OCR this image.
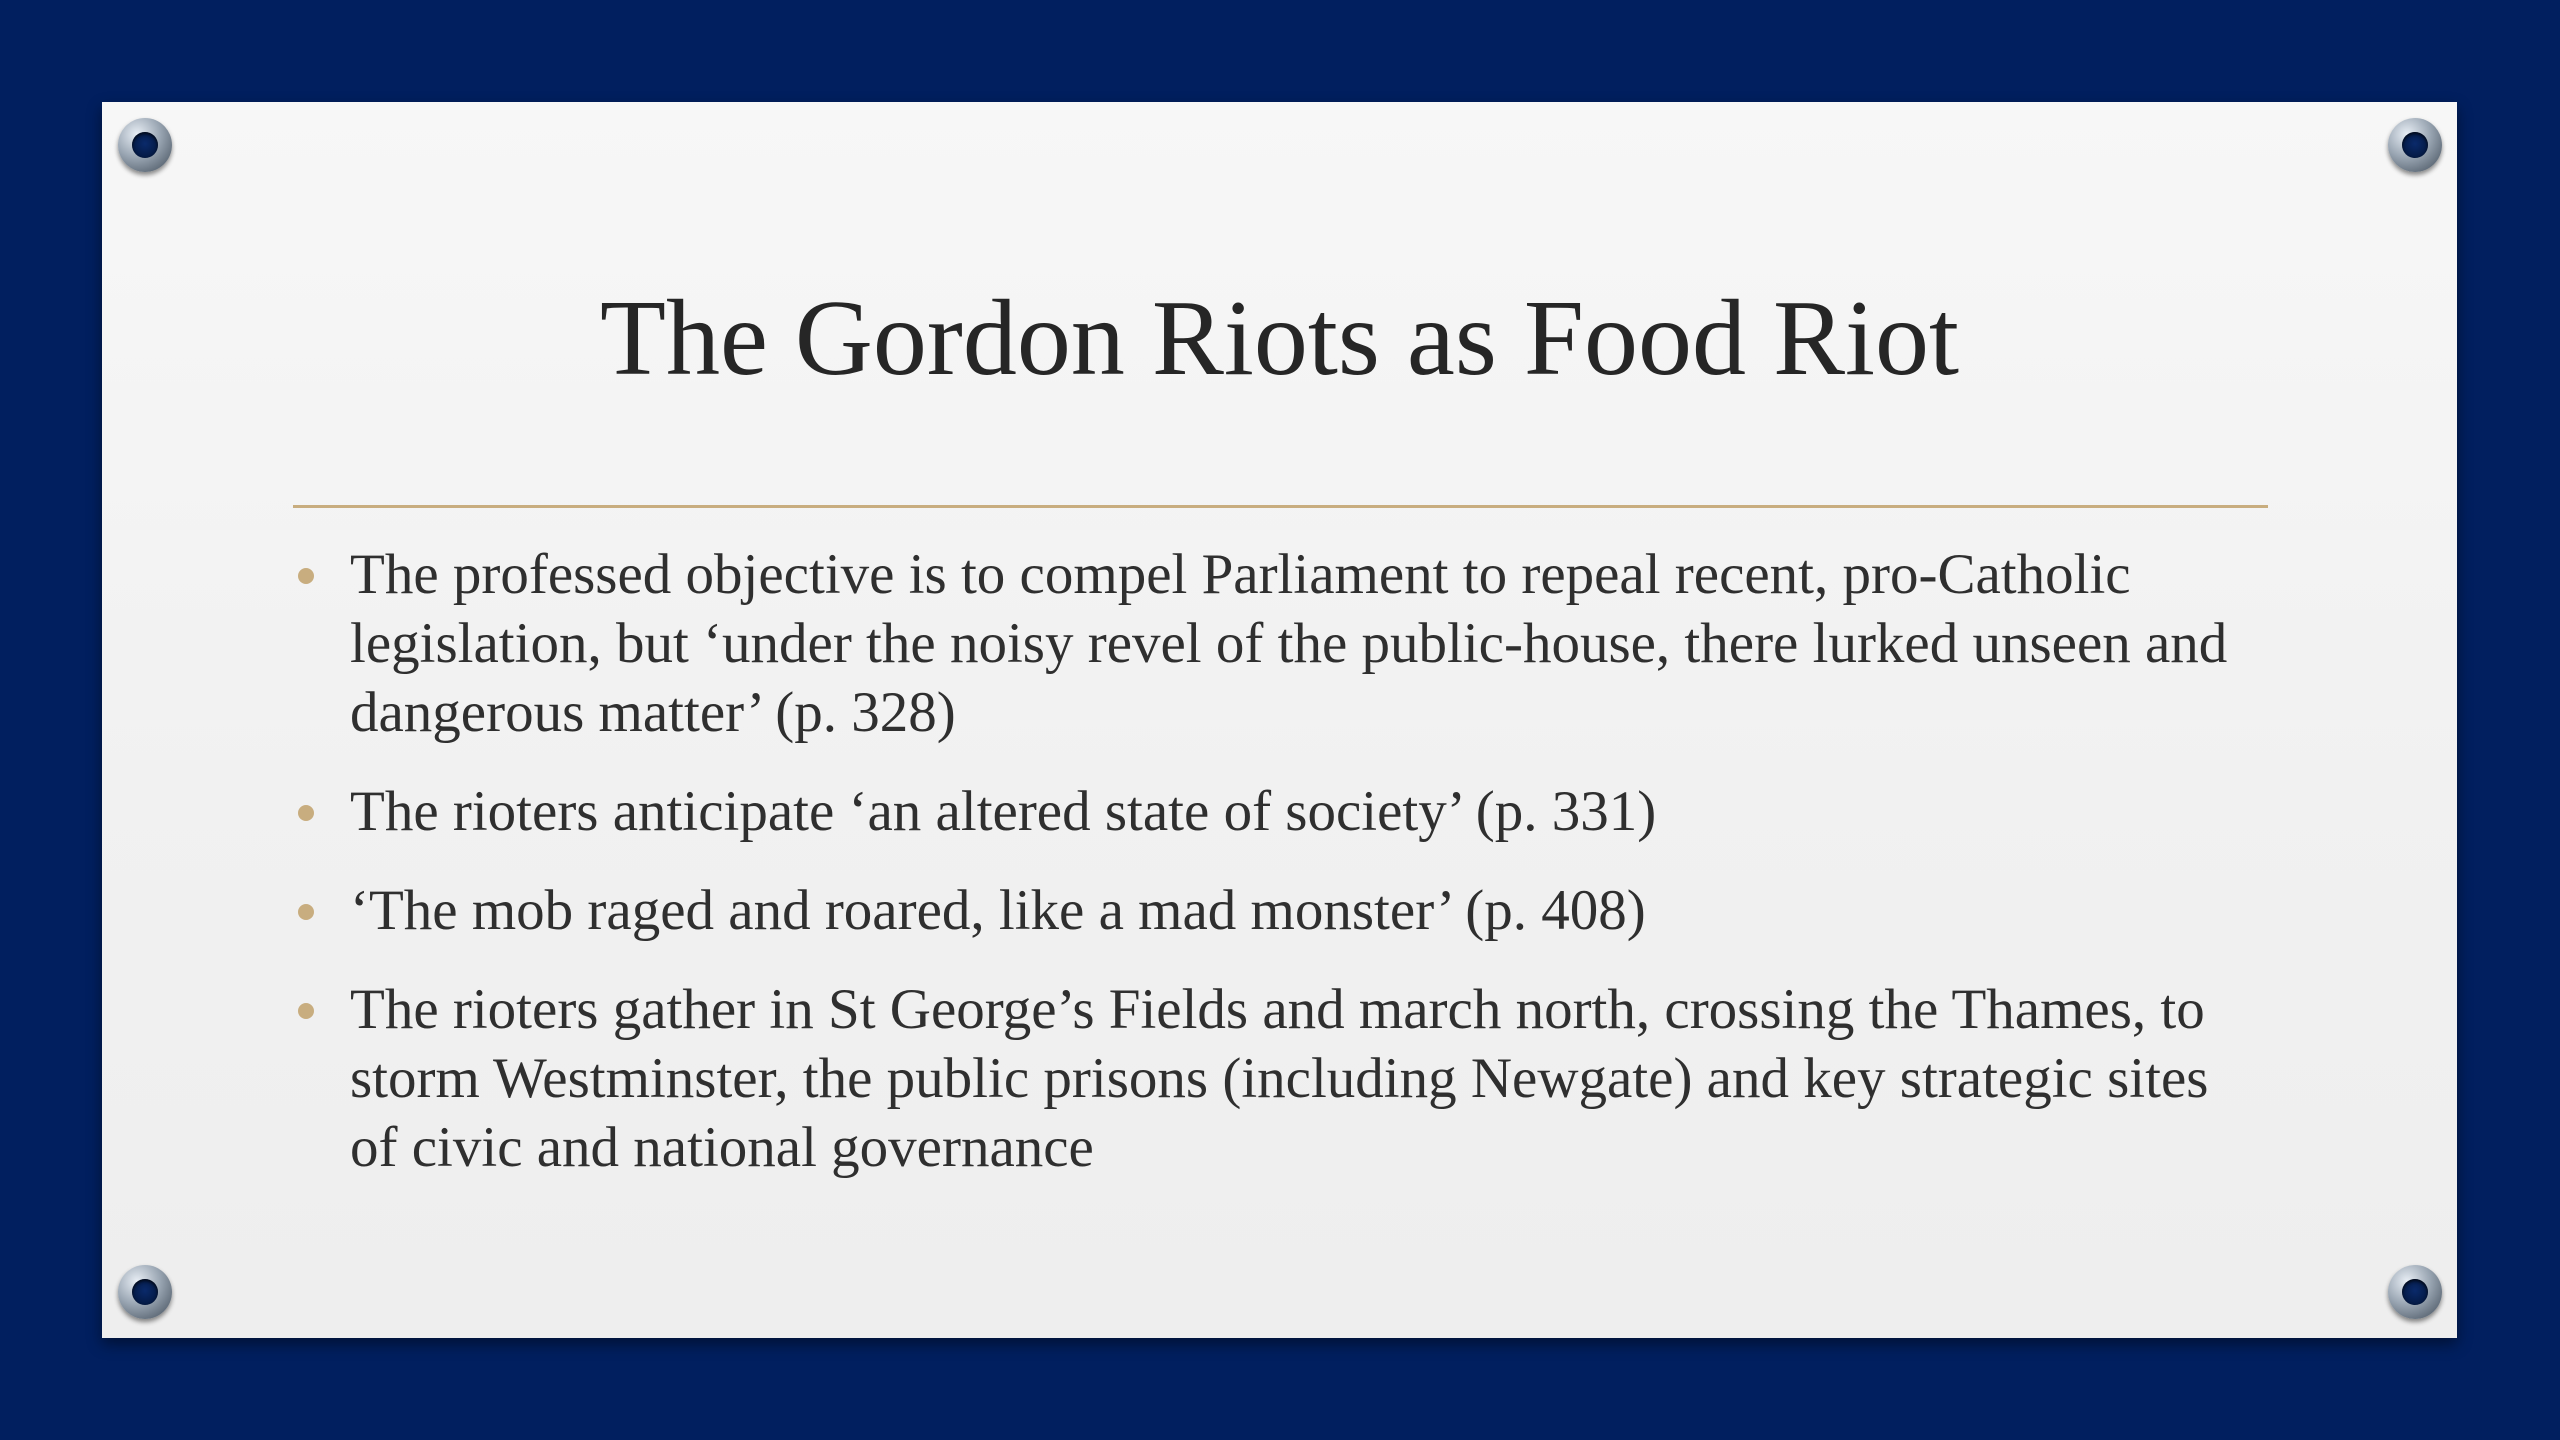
The Gordon Riots as Food Riot
The professed objective is to compel Parliament to repeal recent, pro-Catholic legislation, but ‘under the noisy revel of the public-house, there lurked unseen and dangerous matter’ (p. 328)
The rioters anticipate ‘an altered state of society’ (p. 331)
‘The mob raged and roared, like a mad monster’ (p. 408)
The rioters gather in St George’s Fields and march north, crossing the Thames, to storm Westminster, the public prisons (including Newgate) and key strategic sites of civic and national governance
